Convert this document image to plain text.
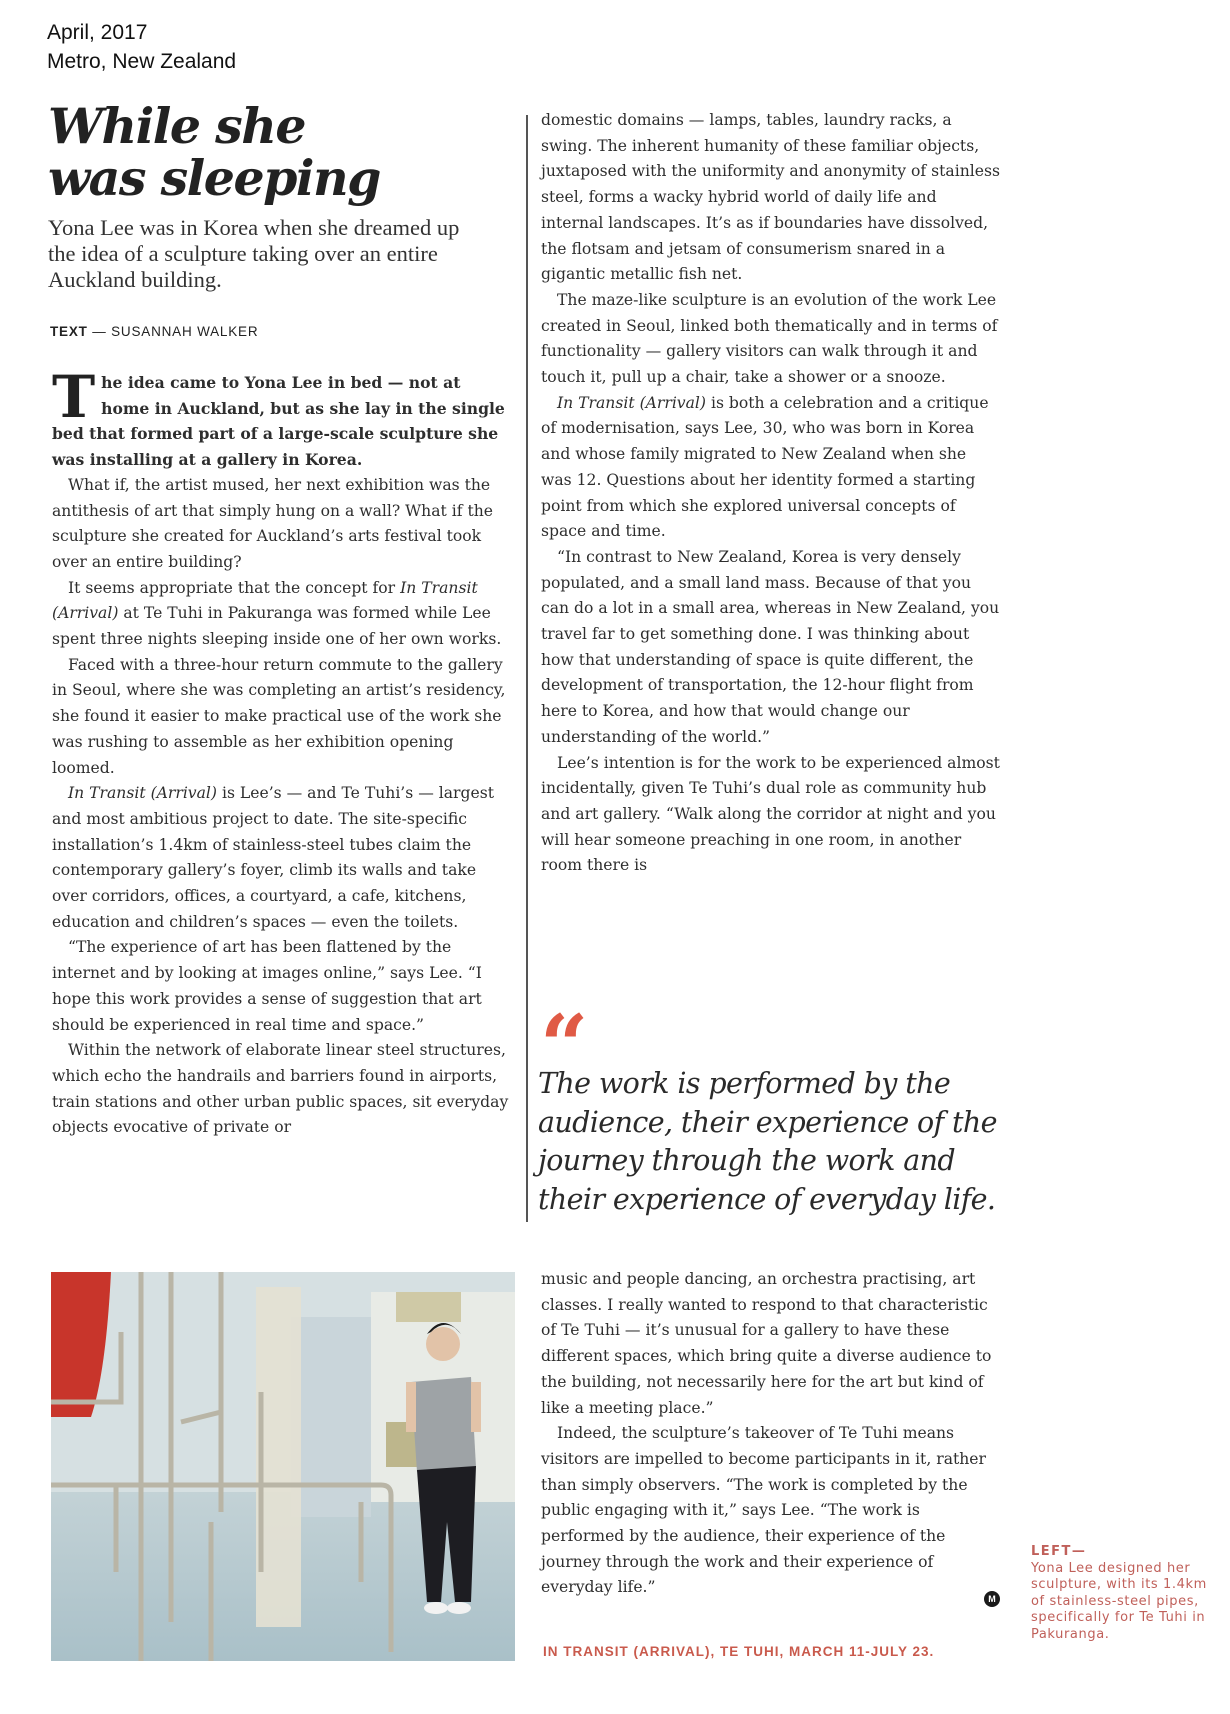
April, 2017
Metro, New Zealand
While she
was sleeping

Yona Lee was in Korea when she dreamed up the idea of a sculpture taking over an entire Auckland building.

TEXT — SUSANNAH WALKER

The idea came to Yona Lee in bed — not at home in Auckland, but as she lay in the single bed that formed part of a large-scale sculpture she was installing at a gallery in Korea.

What if, the artist mused, her next exhibition was the antithesis of art that simply hung on a wall? What if the sculpture she created for Auckland’s arts festival took over an entire building?

It seems appropriate that the concept for In Transit (Arrival) at Te Tuhi in Pakuranga was formed while Lee spent three nights sleeping inside one of her own works.

Faced with a three-hour return commute to the gallery in Seoul, where she was completing an artist’s residency, she found it easier to make practical use of the work she was rushing to assemble as her exhibition opening loomed.

In Transit (Arrival) is Lee’s — and Te Tuhi’s — largest and most ambitious project to date. The site-specific installation’s 1.4km of stainless-steel tubes claim the contemporary gallery’s foyer, climb its walls and take over corridors, offices, a courtyard, a cafe, kitchens, education and children’s spaces — even the toilets.

“The experience of art has been flattened by the internet and by looking at images online,” says Lee. “I hope this work provides a sense of suggestion that art should be experienced in real time and space.”

Within the network of elaborate linear steel structures, which echo the handrails and barriers found in airports, train stations and other urban public spaces, sit everyday objects evocative of private or

domestic domains — lamps, tables, laundry racks, a swing. The inherent humanity of these familiar objects, juxtaposed with the uniformity and anonymity of stainless steel, forms a wacky hybrid world of daily life and internal landscapes. It’s as if boundaries have dissolved, the flotsam and jetsam of consumerism snared in a gigantic metallic fish net.

The maze-like sculpture is an evolution of the work Lee created in Seoul, linked both thematically and in terms of functionality — gallery visitors can walk through it and touch it, pull up a chair, take a shower or a snooze.

In Transit (Arrival) is both a celebration and a critique of modernisation, says Lee, 30, who was born in Korea and whose family migrated to New Zealand when she was 12. Questions about her identity formed a starting point from which she explored universal concepts of space and time.

“In contrast to New Zealand, Korea is very densely populated, and a small land mass. Because of that you can do a lot in a small area, whereas in New Zealand, you travel far to get something done. I was thinking about how that understanding of space is quite different, the development of transportation, the 12-hour flight from here to Korea, and how that would change our understanding of the world.”

Lee’s intention is for the work to be experienced almost incidentally, given Te Tuhi’s dual role as community hub and art gallery. “Walk along the corridor at night and you will hear someone preaching in one room, in another room there is

“

The work is performed by the audience, their experience of the journey through the work and their experience of everyday life.

music and people dancing, an orchestra practising, art classes. I really wanted to respond to that characteristic of Te Tuhi — it’s unusual for a gallery to have these different spaces, which bring quite a diverse audience to the building, not necessarily here for the art but kind of like a meeting place.”

Indeed, the sculpture’s takeover of Te Tuhi means visitors are impelled to become participants in it, rather than simply observers. “The work is completed by the public engaging with it,” says Lee. “The work is performed by the audience, their experience of the journey through the work and their experience of everyday life.”

M
IN TRANSIT (ARRIVAL), TE TUHI, MARCH 11-JULY 23.
LEFT—
Yona Lee designed her sculpture, with its 1.4km of stainless-steel pipes, specifically for Te Tuhi in Pakuranga.
